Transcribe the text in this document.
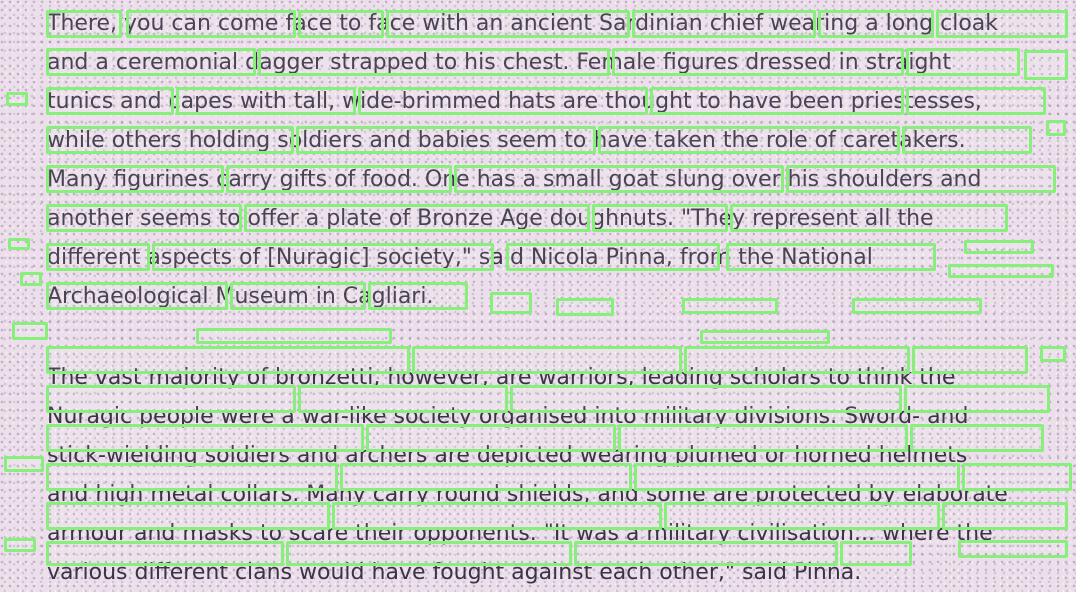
There, you can come face to face with an ancient Sardinian chief wearing a long cloak
and a ceremonial dagger strapped to his chest. Female figures dressed in straight
tunics and capes with tall, wide-brimmed hats are thought to have been priestesses,
while others holding soldiers and babies seem to have taken the role of caretakers.
Many figurines carry gifts of food. One has a small goat slung over his shoulders and
another seems to offer a plate of Bronze Age doughnuts. "They represent all the
different aspects of [Nuragic] society," said Nicola Pinna, from the National
Archaeological Museum in Cagliari.

The vast majority of bronzetti, however, are warriors, leading scholars to think the
Nuragic people were a war-like society organised into military divisions. Sword- and
stick-wielding soldiers and archers are depicted wearing plumed or horned helmets
and high metal collars. Many carry round shields, and some are protected by elaborate
armour and masks to scare their opponents. "It was a military civilisation... where the
various different clans would have fought against each other," said Pinna.
